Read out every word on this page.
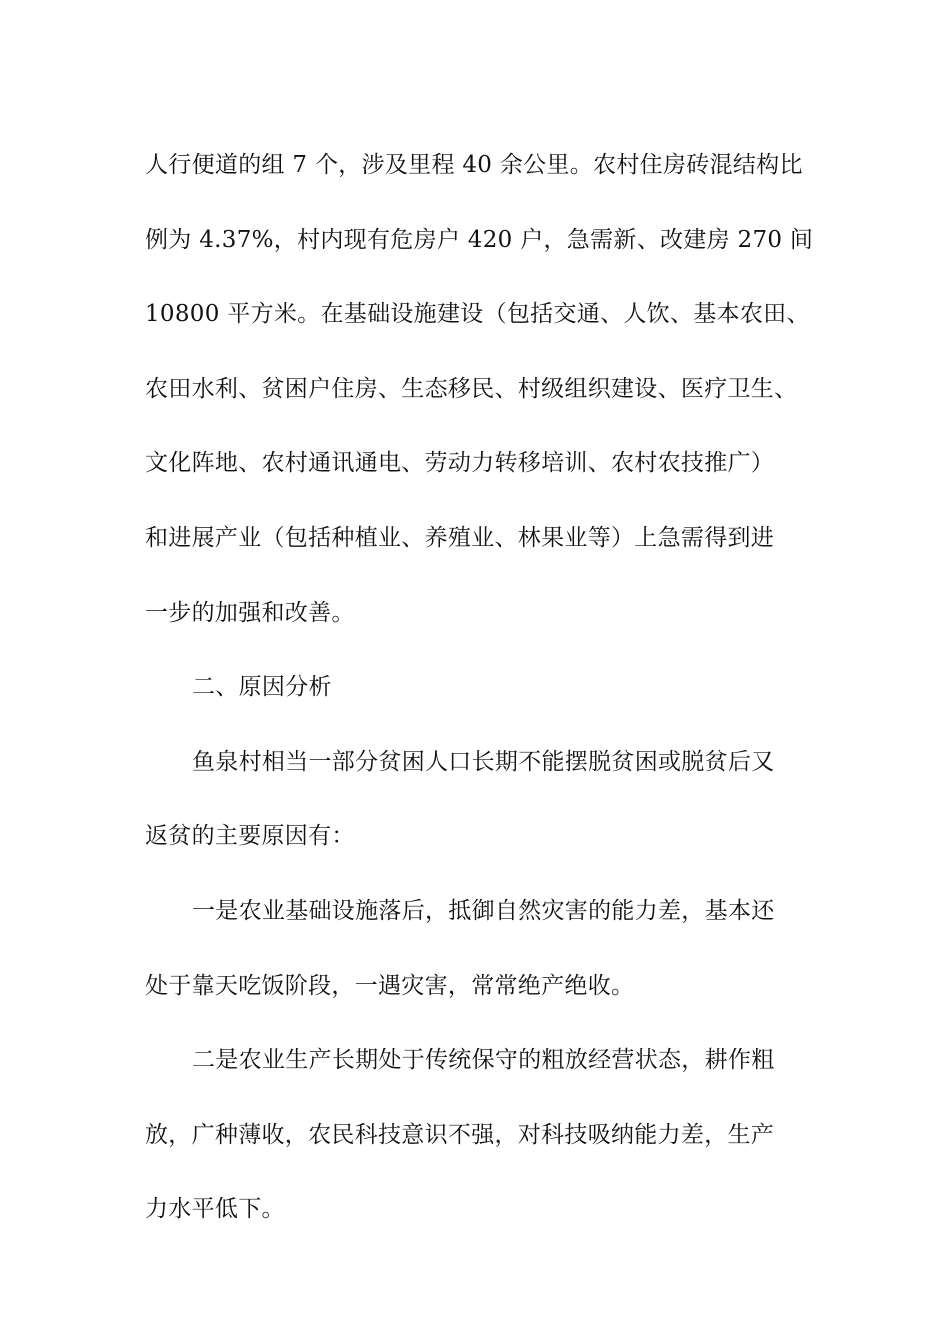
人行便道的组 7 个，涉及里程 40 余公里。农村住房砖混结构比
例为 4.37%，村内现有危房户 420 户，急需新、改建房 270 间
10800 平方米。在基础设施建设（包括交通、人饮、基本农田、
农田水利、贫困户住房、生态移民、村级组织建设、医疗卫生、
文化阵地、农村通讯通电、劳动力转移培训、农村农技推广）
和进展产业（包括种植业、养殖业、林果业等）上急需得到进
一步的加强和改善。
二、原因分析
鱼泉村相当一部分贫困人口长期不能摆脱贫困或脱贫后又
返贫的主要原因有：
一是农业基础设施落后，抵御自然灾害的能力差，基本还
处于靠天吃饭阶段，一遇灾害，常常绝产绝收。
二是农业生产长期处于传统保守的粗放经营状态，耕作粗
放，广种薄收，农民科技意识不强，对科技吸纳能力差，生产
力水平低下。
